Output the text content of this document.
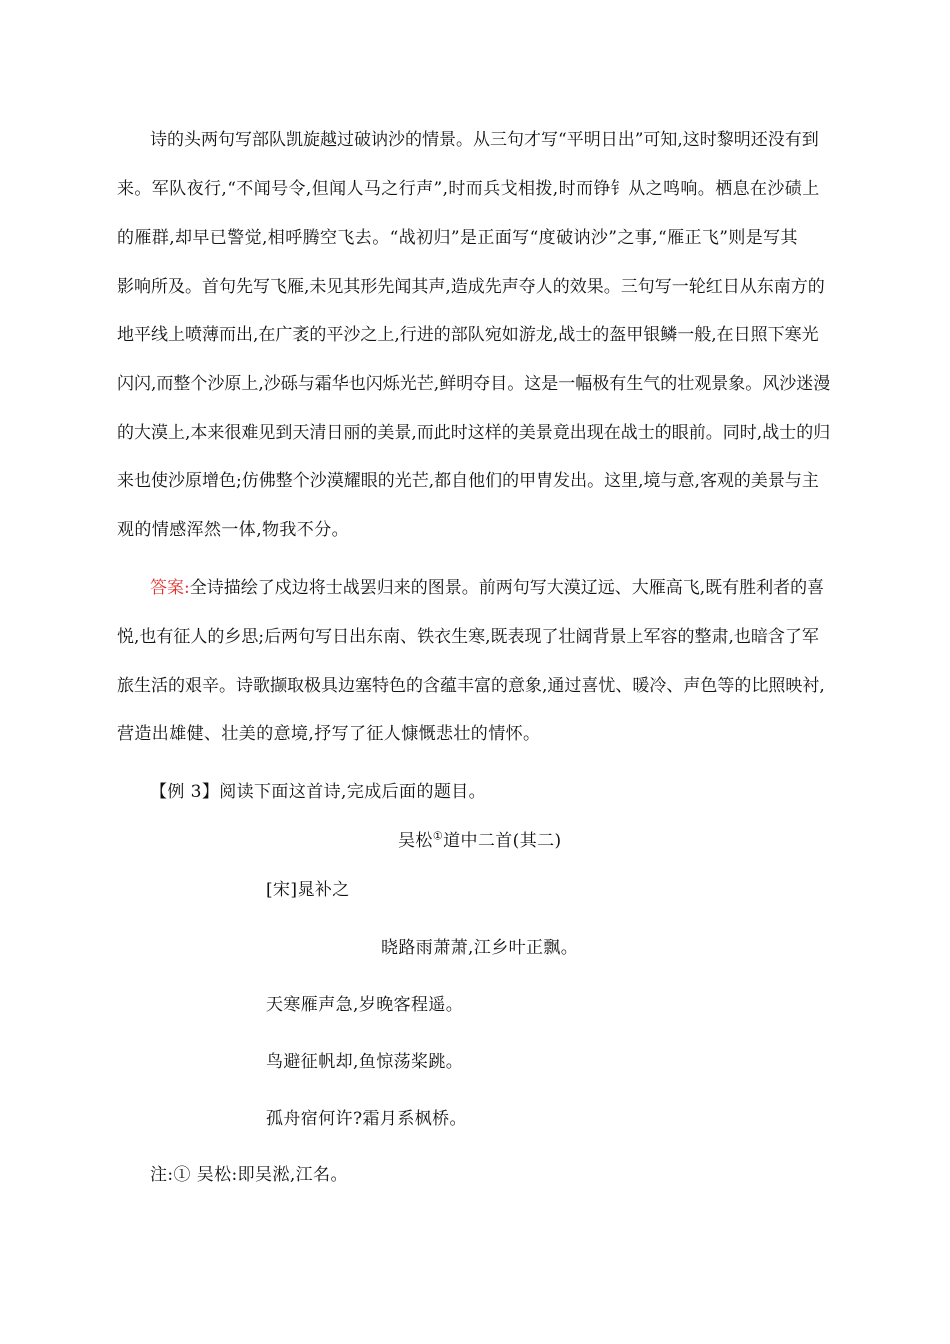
诗的头两句写部队凯旋越过破讷沙的情景。从三句才写“平明日出”可知,这时黎明还没有到
来。军队夜行,“不闻号令,但闻人马之行声”,时而兵戈相拨,时而铮钅从之鸣响。栖息在沙碛上
的雁群,却早已警觉,相呼腾空飞去。“战初归”是正面写“度破讷沙”之事,“雁正飞”则是写其
影响所及。首句先写飞雁,未见其形先闻其声,造成先声夺人的效果。三句写一轮红日从东南方的
地平线上喷薄而出,在广袤的平沙之上,行进的部队宛如游龙,战士的盔甲银鳞一般,在日照下寒光
闪闪,而整个沙原上,沙砾与霜华也闪烁光芒,鲜明夺目。这是一幅极有生气的壮观景象。风沙迷漫
的大漠上,本来很难见到天清日丽的美景,而此时这样的美景竟出现在战士的眼前。同时,战士的归
来也使沙原增色;仿佛整个沙漠耀眼的光芒,都自他们的甲胄发出。这里,境与意,客观的美景与主
观的情感浑然一体,物我不分。
答案:全诗描绘了戍边将士战罢归来的图景。前两句写大漠辽远、大雁高飞,既有胜利者的喜
悦,也有征人的乡思;后两句写日出东南、铁衣生寒,既表现了壮阔背景上军容的整肃,也暗含了军
旅生活的艰辛。诗歌撷取极具边塞特色的含蕴丰富的意象,通过喜忧、暖冷、声色等的比照映衬,
营造出雄健、壮美的意境,抒写了征人慷慨悲壮的情怀。
【例 3】阅读下面这首诗,完成后面的题目。
吴松①道中二首(其二)
[宋]晁补之
晓路雨萧萧,江乡叶正飘。
天寒雁声急,岁晚客程遥。
鸟避征帆却,鱼惊荡桨跳。
孤舟宿何许?霜月系枫桥。
注:① 吴松:即吴淞,江名。
